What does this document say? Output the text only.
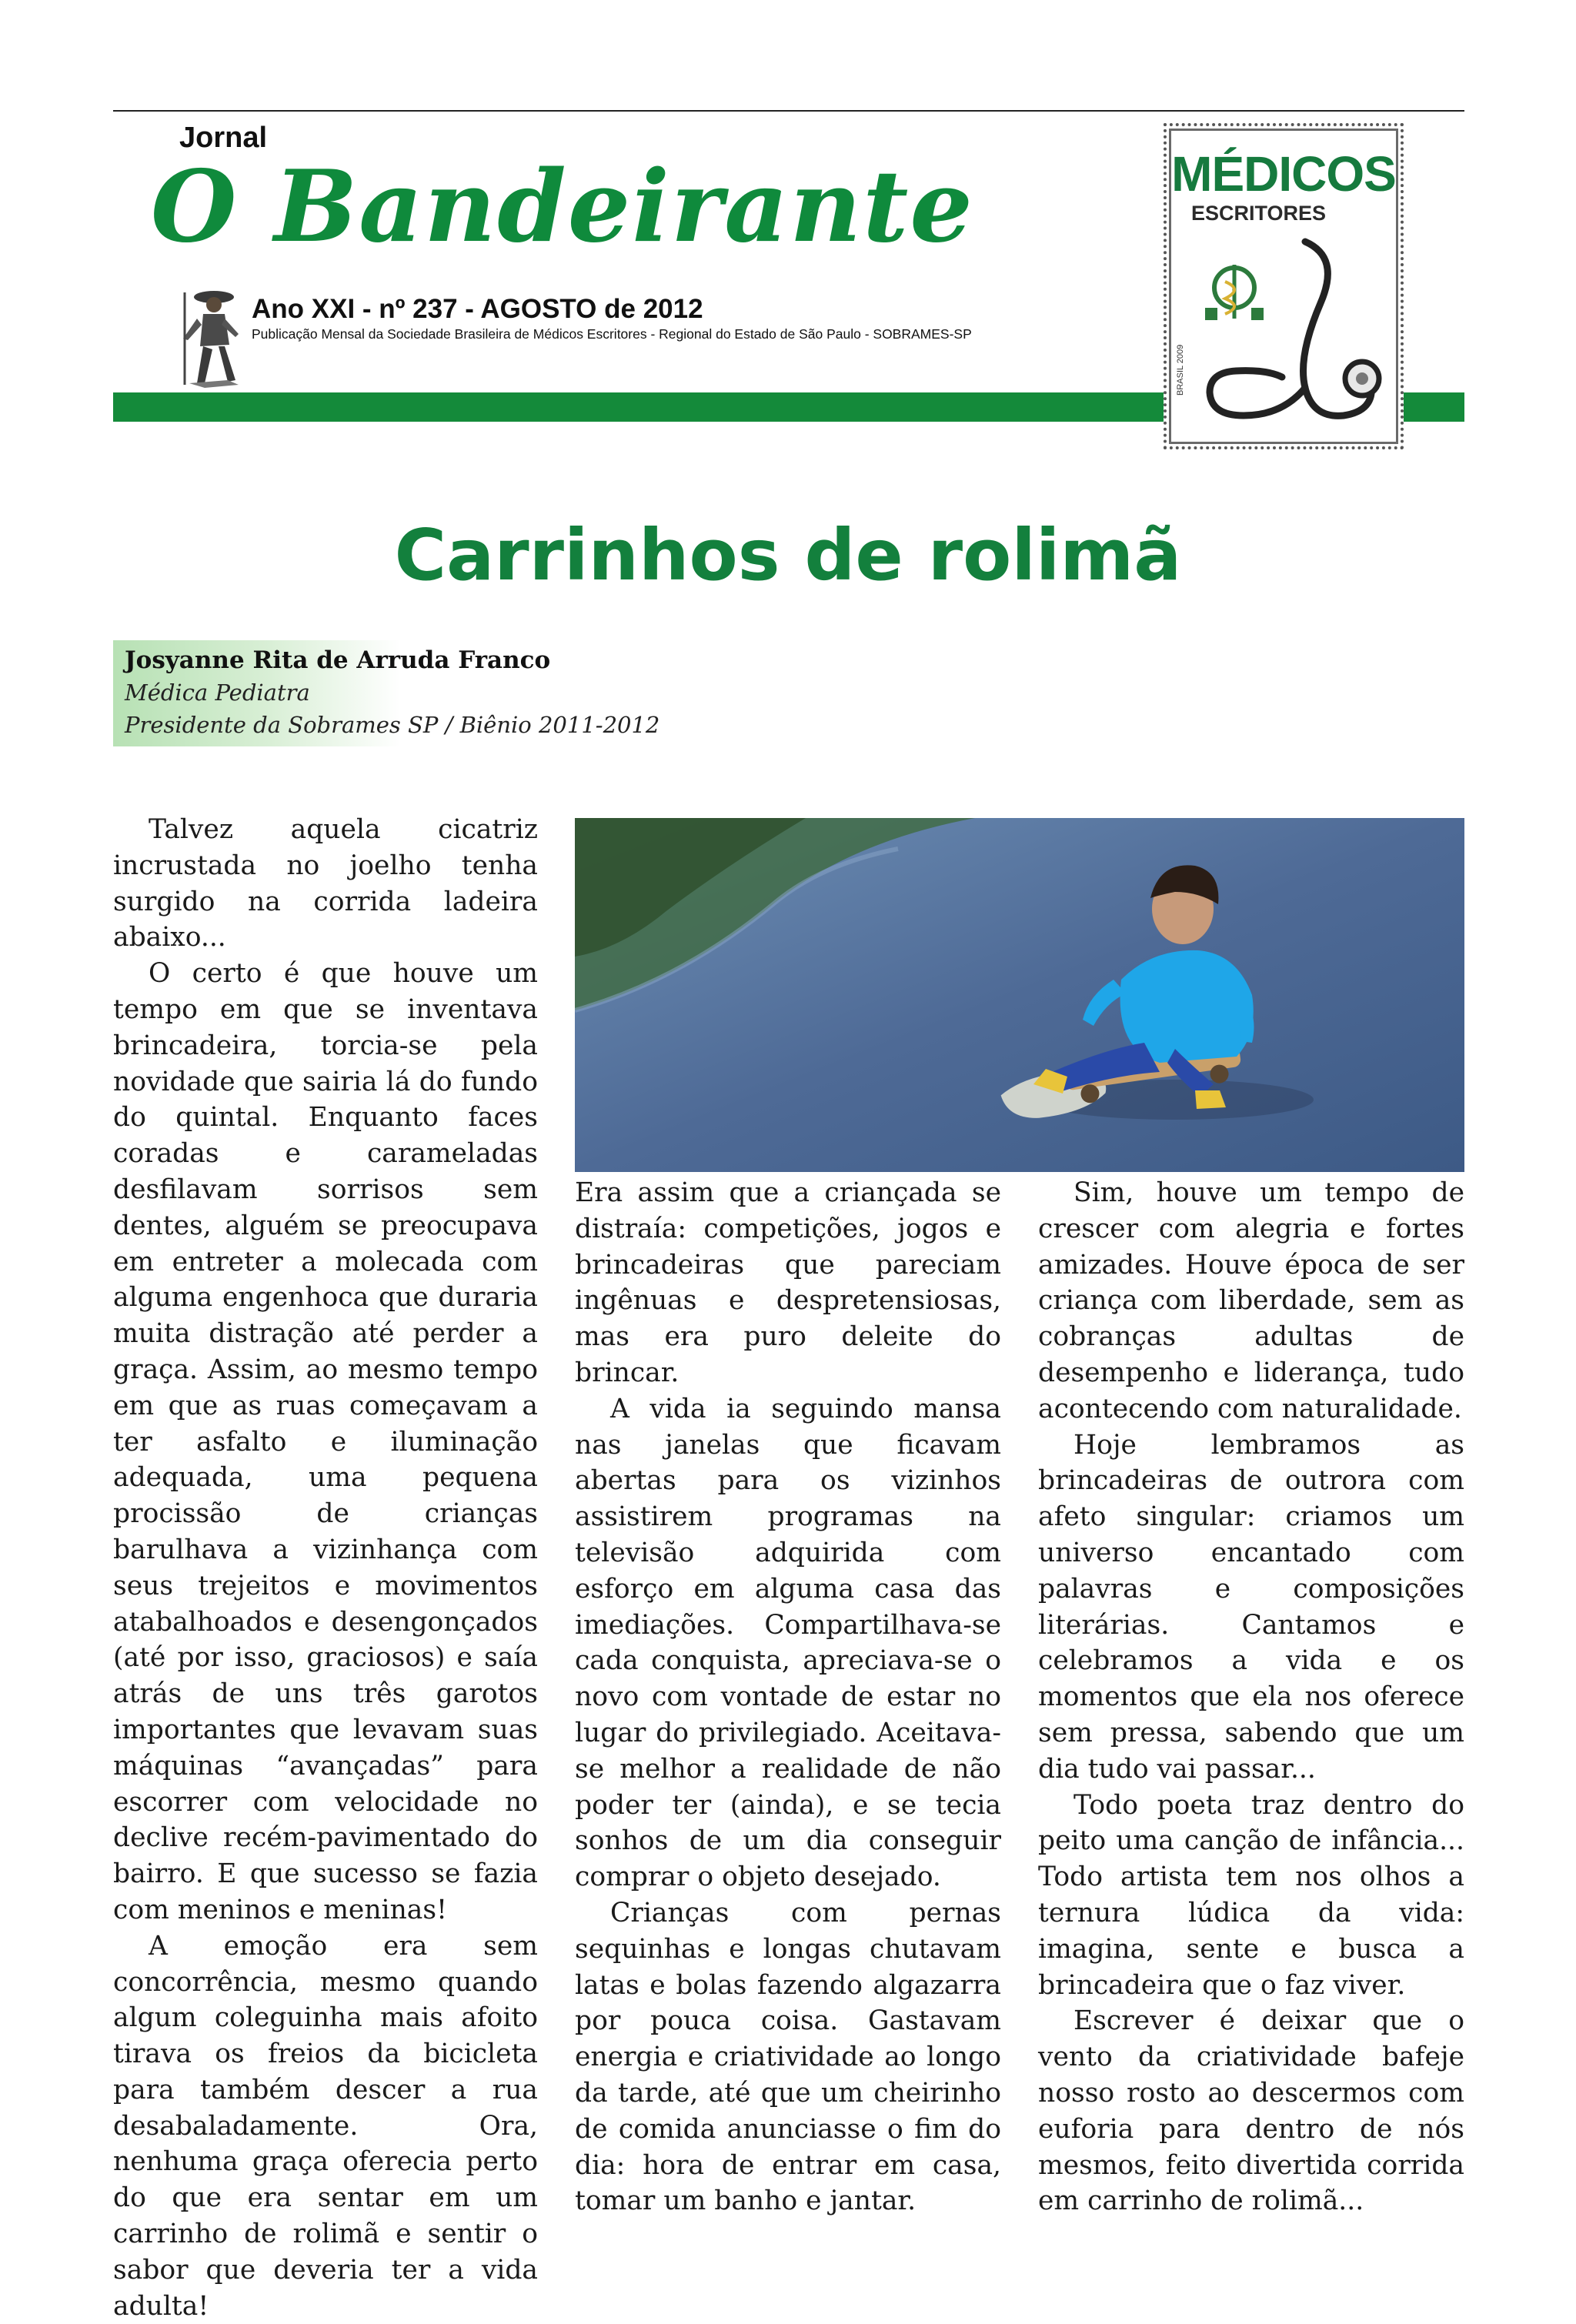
Jornal
O Bandeirante
Ano XXI - nº 237 - AGOSTO de 2012
Publicação Mensal da Sociedade Brasileira de Médicos Escritores - Regional do Estado de São Paulo - SOBRAMES-SP
MÉDICOS
ESCRITORES
BRASIL 2009
Carrinhos de rolimã
Josyanne Rita de Arruda Franco
Médica Pediatra
Presidente da Sobrames SP / Biênio 2011-2012

Talvez aquela cicatriz incrustada no joelho tenha surgido na corrida ladeira abaixo...

O certo é que houve um tempo em que se inventava brincadeira, torcia-se pela novidade que sairia lá do fundo do quintal. Enquanto faces coradas e carameladas desfilavam sorrisos sem dentes, alguém se preocupava em entreter a molecada com alguma engenhoca que duraria muita distração até perder a graça. Assim, ao mesmo tempo em que as ruas começavam a ter asfalto e iluminação adequada, uma pequena procissão de crianças barulhava a vizinhança com seus trejeitos e movimentos atabalhoados e desengonçados (até por isso, graciosos) e saía atrás de uns três garotos importantes que levavam suas máquinas “avançadas” para escorrer com velocidade no declive recém-pavimentado do bairro. E que sucesso se fazia com meninos e meninas!

A emoção era sem concorrência, mesmo quando algum coleguinha mais afoito tirava os freios da bicicleta para também descer a rua desabaladamente. Ora, nenhuma graça oferecia perto do que era sentar em um carrinho de rolimã e sentir o sabor que deveria ter a vida adulta!

Era assim que a criançada se distraía: competições, jogos e brincadeiras que pareciam ingênuas e despretensiosas, mas era puro deleite do brincar.

A vida ia seguindo mansa nas janelas que ficavam abertas para os vizinhos assistirem programas na televisão adquirida com esforço em alguma casa das imediações. Compartilhava-se cada conquista, apreciava-se o novo com vontade de estar no lugar do privilegiado. Aceitava-se melhor a realidade de não poder ter (ainda), e se tecia sonhos de um dia conseguir comprar o objeto desejado.

Crianças com pernas sequinhas e longas chutavam latas e bolas fazendo algazarra por pouca coisa. Gastavam energia e criatividade ao longo da tarde, até que um cheirinho de comida anunciasse o fim do dia: hora de entrar em casa, tomar um banho e jantar.

Sim, houve um tempo de crescer com alegria e fortes amizades. Houve época de ser criança com liberdade, sem as cobranças adultas de desempenho e liderança, tudo acontecendo com naturalidade.

Hoje lembramos as brincadeiras de outrora com afeto singular: criamos um universo encantado com palavras e composições literárias. Cantamos e celebramos a vida e os momentos que ela nos oferece sem pressa, sabendo que um dia tudo vai passar...

Todo poeta traz dentro do peito uma canção de infância... Todo artista tem nos olhos a ternura lúdica da vida: imagina, sente e busca a brincadeira que o faz viver.

Escrever é deixar que o vento da criatividade bafeje nosso rosto ao descermos com euforia para dentro de nós mesmos, feito divertida corrida em carrinho de rolimã...
